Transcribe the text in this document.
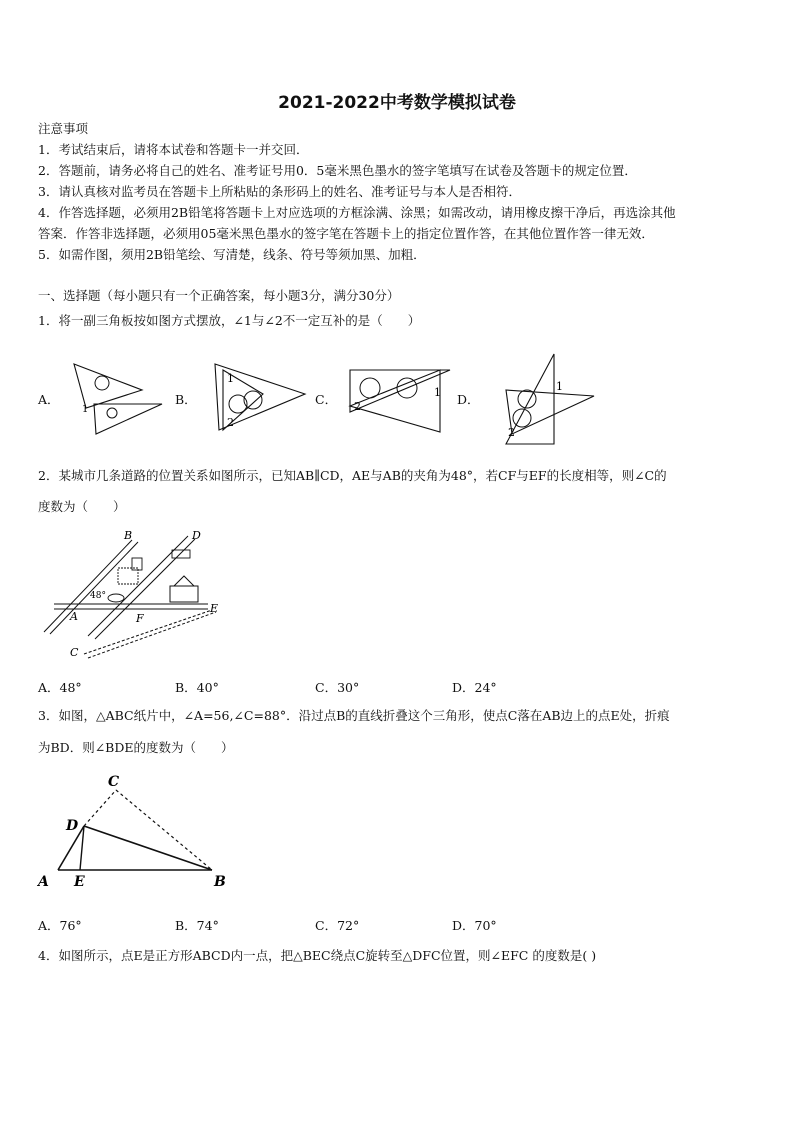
2021-2022中考数学模拟试卷
注意事项
1．考试结束后，请将本试卷和答题卡一并交回．
2．答题前，请务必将自己的姓名、准考证号用0．5毫米黑色墨水的签字笔填写在试卷及答题卡的规定位置．
3．请认真核对监考员在答题卡上所粘贴的条形码上的姓名、准考证号与本人是否相符．
4．作答选择题，必须用2B铅笔将答题卡上对应选项的方框涂满、涂黑；如需改动，请用橡皮擦干净后，再选涂其他
答案．作答非选择题，必须用05毫米黑色墨水的签字笔在答题卡上的指定位置作答，在其他位置作答一律无效．
5．如需作图，须用2B铅笔绘、写清楚，线条、符号等须加黑、加粗．
一、选择题（每小题只有一个正确答案，每小题3分，满分30分）
1．将一副三角板按如图方式摆放，∠1与∠2不一定互补的是（　　）
A．	B．	C．	D．
1
1
2
1
2
1
2
2．某城市几条道路的位置关系如图所示，已知AB∥CD，AE与AB的夹角为48°，若CF与EF的长度相等，则∠C的
度数为（　　）
48°
B	D
A	F
E
C
A．48°	B．40°	C．30°	D．24°
3．如图，△ABC纸片中，∠A=56,∠C=88°．沿过点B的直线折叠这个三角形，使点C落在AB边上的点E处，折痕
为BD．则∠BDE的度数为（　　）
C
D
A E	B
A．76°	B．74°	C．72°	D．70°
4．如图所示，点E是正方形ABCD内一点，把△BEC绕点C旋转至△DFC位置，则∠EFC 的度数是( )
